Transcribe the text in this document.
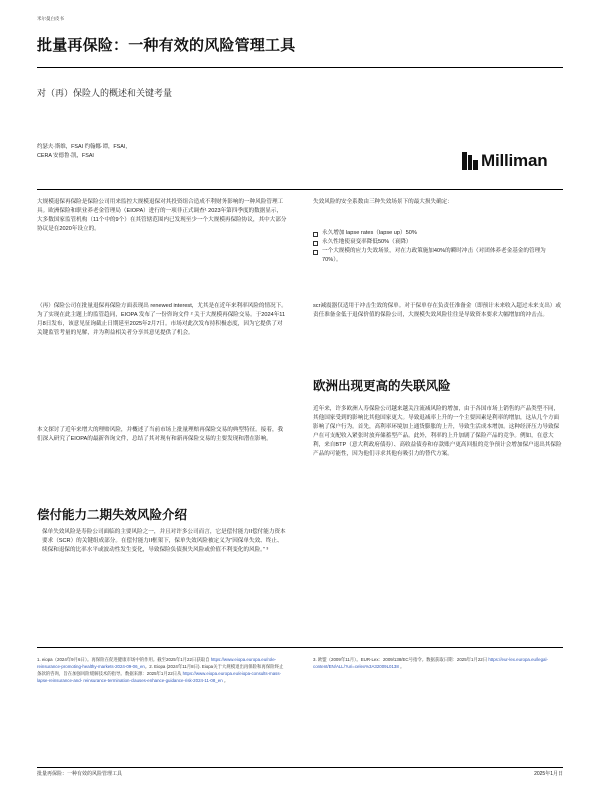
米尔曼白皮书
批量再保险：一种有效的风险管理工具
对（再）保险人的概述和关键考量
约瑟夫·斯维，FSAI 约翰娜·谭，FSAI，CERA 安德鲁·凯，FSAI	Milliman
大规模退保再保险是保险公司用来监控大规模退保对其投资组合造成不利财务影响的一种风险管理工具。欧洲保险和职业养老金管理局（EIOPA）进行的一项非正式调查¹ 2023年第四季度的数据显示，大多数国家监管机构（11个中的9个）在其管辖范围内已发现至少一个大规模再保险协议，其中大部分协议是在2020年设立的。
（再）保险公司在批量退保再保险方面表现出 renewed interest，尤其是在近年来利率风险的情况下。为了实现在此主题上的监管趋同，EIOPA 发布了一份咨询文件 ² 关于大规模再保险交易。于2024年11月8日发布，该意见征询截止日期延至2025年2月7日。市场对此次发布持积极态度，因为它提供了对关键监管考量的见解，并为利益相关者分享其意见提供了机会。
本文探讨了近年来增大的理赔风险，并概述了当前市场上批量理赔再保险交易的典型特征。接着，我们深入研究了EIOPA的最新咨询文件，总结了其对现有和新再保险交易的主要发现和潜在影响。
偿付能力二期失效风险介绍
保单失效风险是寿险公司面临的主要风险之一，并且对许多公司而言，它是偿付能力II偿付能力资本要求（SCR）的关键组成部分。在偿付能力II框架下，保单失效风险被定义为“因保单失效、终止、续保和退保的比率水平或波动性发生变化，导致保险负债损失风险或价值不利变化的风险。” ³
失效风险的安全系数由三种失效场景下的最大损失确定：
永久增加 lapse rates（lapse up）50%
永久性地使衰变率降低50%（衰降）
一个大规模的应力失效场景，对在力政策施加40%的瞬时冲击（对团体养老金基金的管理为70%）。
scr减震器仅适用于冲击生效的保单。对于保单存在负责任准备金（即预计未来收入超过未来支出）或责任准备金低于退保价值的保险公司，大规模失效风险往往是导致资本要求大幅增加的冲击点。
欧洲出现更高的失联风险
近年来，许多欧洲人寿保险公司越来越关注流减风险的增加，由于各国市场上销售的产品类型不同，其他国家受到的影响比其他国家更大。导致退减率上升的一个主要因素是利率的增加，这从几个方面影响了保户行为。首先，高利率环境加上通货膨胀的上升，导致生活成本增加。这种经济压力导致保户在可支配收入紧张时放弃储蓄型产品。此外，利率的上升加剧了保险产品的竞争。例如，在意大利，来自BTP（意大利政府债券）、高收益债券和存款账户更高回报的竞争预计会增加保户退出其保险产品的可能性，因为他们寻求其他有吸引力的替代方案。
1. eiopa（2024年9月6日）。再保险在促进健康市场中的作用。截至2025年1月22日获取自 https://www.eiopa.europa.eu/role- reinsurance-promoting-healthy-markets-2024-09-06_en。2. Eiopa (2024年11月8日). Eiopa关于大规模退出再保险和再保险终止条款的咨询，旨在加强风险缓解技术的指导。数据来源：2025年1月22日从 https://www.eiopa.europa.eu/eiopa-consults-mass-lapse-reinsurance-and- reinsurance-termination-clauses-enhance-guidance-risk-2024-11-08_en 。
3. 欧盟（2009年11月）。EUR-Lex：2009/138/EC号指令。数据获取日期：2025年1月22日 https://eur-lex.europa.eu/legal- content/EN/ALL/?uri=celex%3A32009L0138 。
批量再保险：一种有效的风险管理工具	2025年1月日
